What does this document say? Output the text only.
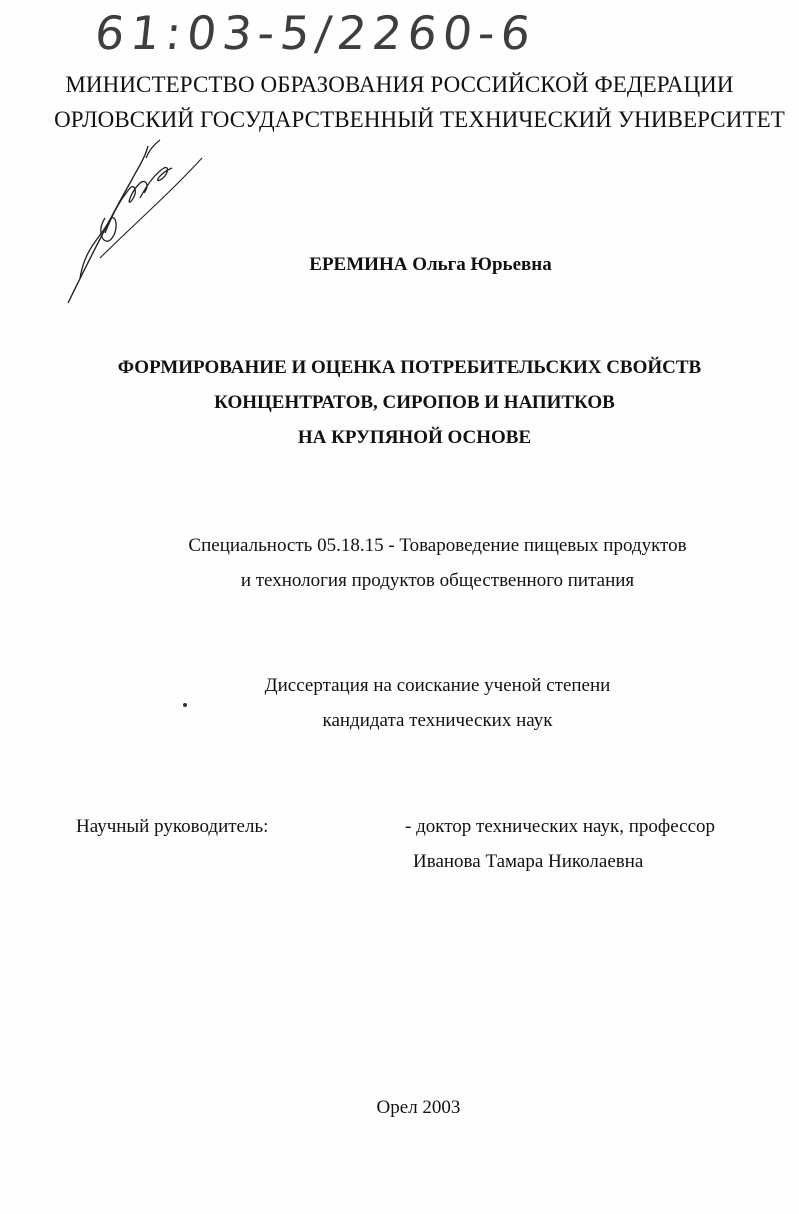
61:03-5/2260-6
МИНИСТЕРСТВО ОБРАЗОВАНИЯ РОССИЙСКОЙ ФЕДЕРАЦИИ
ОРЛОВСКИЙ ГОСУДАРСТВЕННЫЙ ТЕХНИЧЕСКИЙ УНИВЕРСИТЕТ
ЕРЕМИНА Ольга Юрьевна
ФОРМИРОВАНИЕ И ОЦЕНКА ПОТРЕБИТЕЛЬСКИХ СВОЙСТВ
КОНЦЕНТРАТОВ, СИРОПОВ И НАПИТКОВ
НА КРУПЯНОЙ ОСНОВЕ
Специальность 05.18.15 - Товароведение пищевых продуктов
и технология продуктов общественного питания
Диссертация на соискание ученой степени
кандидата технических наук
Научный руководитель:	- доктор технических наук, профессор
Иванова Тамара Николаевна
Орел 2003
